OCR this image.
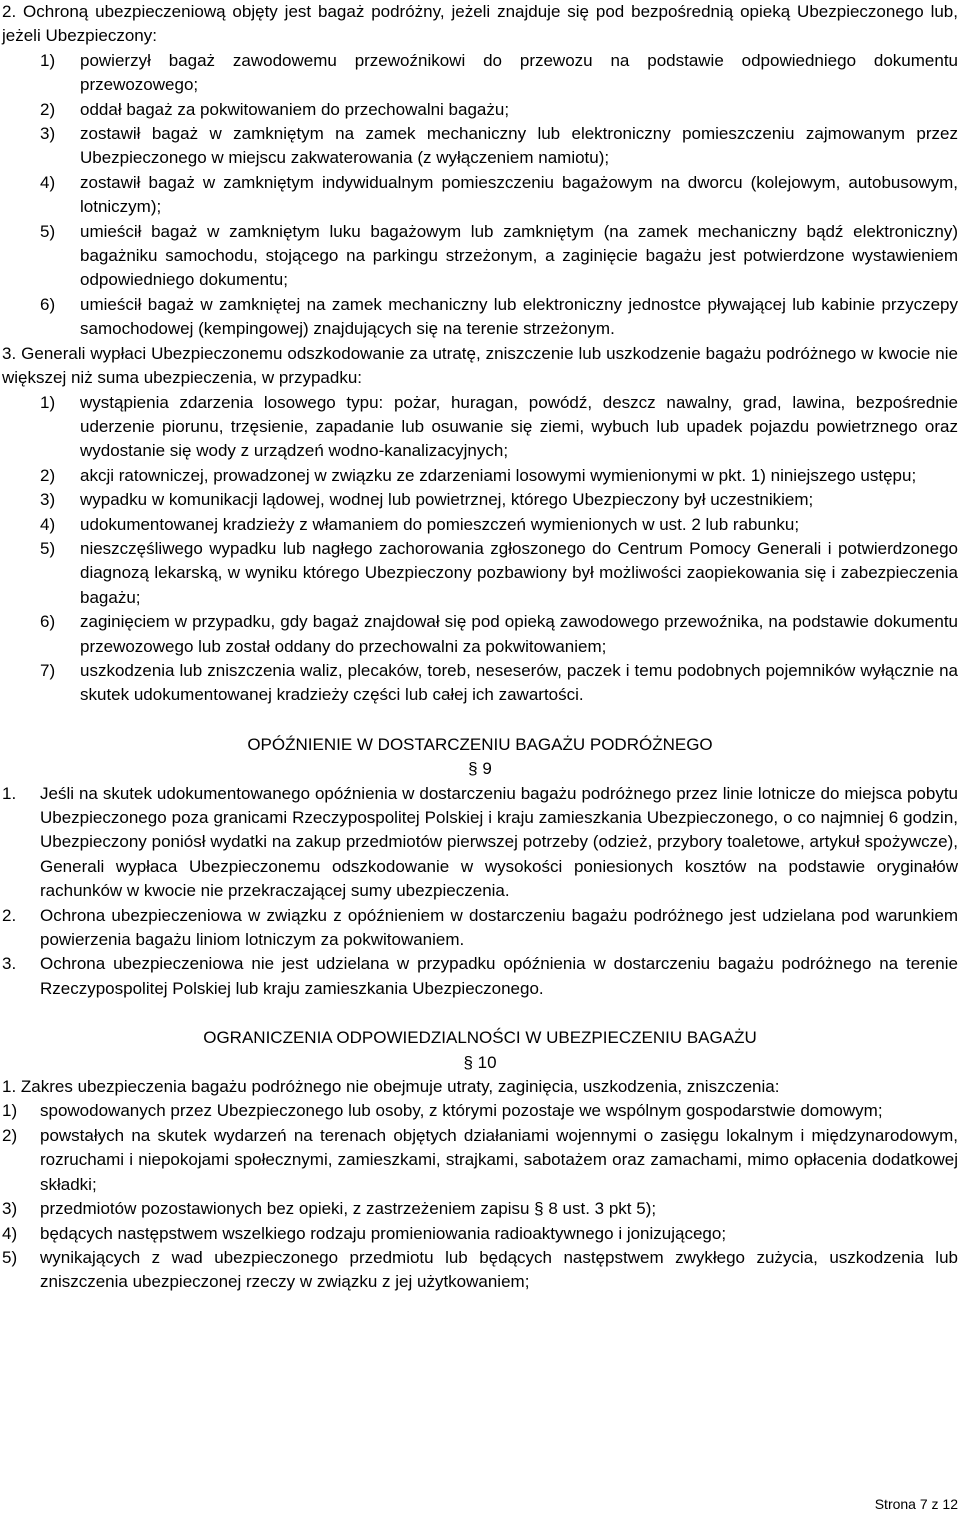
2. Ochroną ubezpieczeniową objęty jest bagaż podróżny, jeżeli znajduje się pod bezpośrednią opieką Ubezpieczonego lub, jeżeli Ubezpieczony:

1) powierzył bagaż zawodowemu przewoźnikowi do przewozu na podstawie odpowiedniego dokumentu przewozowego;
2) oddał bagaż za pokwitowaniem do przechowalni bagażu;
3) zostawił bagaż w zamkniętym na zamek mechaniczny lub elektroniczny pomieszczeniu zajmowanym przez Ubezpieczonego w miejscu zakwaterowania (z wyłączeniem namiotu);
4) zostawił bagaż w zamkniętym indywidualnym pomieszczeniu bagażowym na dworcu (kolejowym, autobusowym, lotniczym);
5) umieścił bagaż w zamkniętym luku bagażowym lub zamkniętym (na zamek mechaniczny bądź elektroniczny) bagażniku samochodu, stojącego na parkingu strzeżonym, a zaginięcie bagażu jest potwierdzone wystawieniem odpowiedniego dokumentu;
6) umieścił bagaż w zamkniętej na zamek mechaniczny lub elektroniczny jednostce pływającej lub kabinie przyczepy samochodowej (kempingowej) znajdujących się na terenie strzeżonym.

3. Generali wypłaci Ubezpieczonemu odszkodowanie za utratę, zniszczenie lub uszkodzenie bagażu podróżnego w kwocie nie większej niż suma ubezpieczenia, w przypadku:

1) wystąpienia zdarzenia losowego typu: pożar, huragan, powódź, deszcz nawalny, grad, lawina, bezpośrednie uderzenie piorunu, trzęsienie, zapadanie lub osuwanie się ziemi, wybuch lub upadek pojazdu powietrznego oraz wydostanie się wody z urządzeń wodno-kanalizacyjnych;
2) akcji ratowniczej, prowadzonej w związku ze zdarzeniami losowymi wymienionymi w pkt. 1) niniejszego ustępu;
3) wypadku w komunikacji lądowej, wodnej lub powietrznej, którego Ubezpieczony był uczestnikiem;
4) udokumentowanej kradzieży z włamaniem do pomieszczeń wymienionych w ust. 2 lub rabunku;
5) nieszczęśliwego wypadku lub nagłego zachorowania zgłoszonego do Centrum Pomocy Generali i potwierdzonego diagnozą lekarską, w wyniku którego Ubezpieczony pozbawiony był możliwości zaopiekowania się i zabezpieczenia bagażu;
6) zaginięciem w przypadku, gdy bagaż znajdował się pod opieką zawodowego przewoźnika, na podstawie dokumentu przewozowego lub został oddany do przechowalni za pokwitowaniem;
7) uszkodzenia lub zniszczenia waliz, plecaków, toreb, neseserów, paczek i temu podobnych pojemników wyłącznie na skutek udokumentowanej kradzieży części lub całej ich zawartości.

OPÓŹNIENIE W DOSTARCZENIU BAGAŻU PODRÓŻNEGO

§ 9

1. Jeśli na skutek udokumentowanego opóźnienia w dostarczeniu bagażu podróżnego przez linie lotnicze do miejsca pobytu Ubezpieczonego poza granicami Rzeczypospolitej Polskiej i kraju zamieszkania Ubezpieczonego, o co najmniej 6 godzin, Ubezpieczony poniósł wydatki na zakup przedmiotów pierwszej potrzeby (odzież, przybory toaletowe, artykuł spożywcze), Generali wypłaca Ubezpieczonemu odszkodowanie w wysokości poniesionych kosztów na podstawie oryginałów rachunków w kwocie nie przekraczającej sumy ubezpieczenia.
2. Ochrona ubezpieczeniowa w związku z opóźnieniem w dostarczeniu bagażu podróżnego jest udzielana pod warunkiem powierzenia bagażu liniom lotniczym za pokwitowaniem.
3. Ochrona ubezpieczeniowa nie jest udzielana w przypadku opóźnienia w dostarczeniu bagażu podróżnego na terenie Rzeczypospolitej Polskiej lub kraju zamieszkania Ubezpieczonego.

OGRANICZENIA ODPOWIEDZIALNOŚCI W UBEZPIECZENIU BAGAŻU

§ 10

1. Zakres ubezpieczenia bagażu podróżnego nie obejmuje utraty, zaginięcia, uszkodzenia, zniszczenia:

1) spowodowanych przez Ubezpieczonego lub osoby, z którymi pozostaje we wspólnym gospodarstwie domowym;
2) powstałych na skutek wydarzeń na terenach objętych działaniami wojennymi o zasięgu lokalnym i międzynarodowym, rozruchami i niepokojami społecznymi, zamieszkami, strajkami, sabotażem oraz zamachami, mimo opłacenia dodatkowej składki;
3) przedmiotów pozostawionych bez opieki, z zastrzeżeniem zapisu § 8 ust. 3 pkt 5);
4) będących następstwem wszelkiego rodzaju promieniowania radioaktywnego i jonizującego;
5) wynikających z wad ubezpieczonego przedmiotu lub będących następstwem zwykłego zużycia, uszkodzenia lub zniszczenia ubezpieczonej rzeczy w związku z jej użytkowaniem;
Strona 7 z 12
